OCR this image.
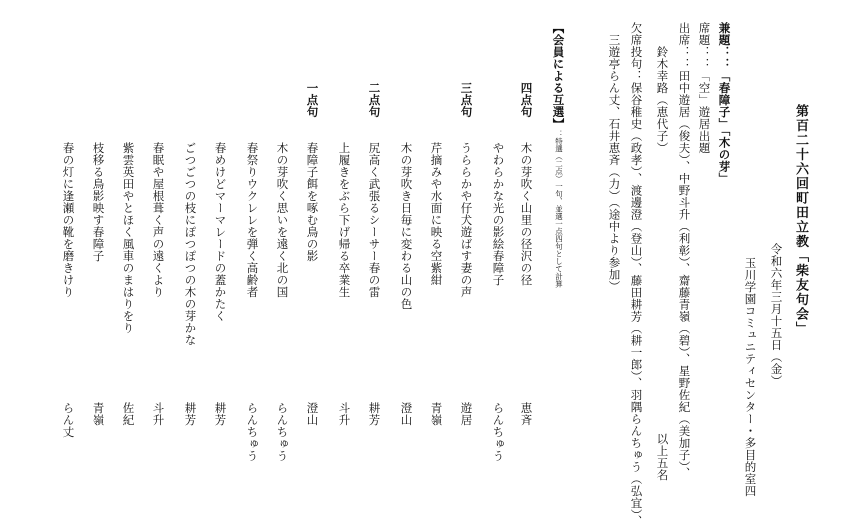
第百二十六回町田立教「柴友句会」
令和六年三月十五日（金）
玉川学園コミュニティセンター・多目的室四
兼題：：「春障子」「木の芽」
席題：：「空」遊居出題
出席：：田中遊居（俊夫）、中野斗升（利彰）、齋藤青嶺（碧）、星野佐紀（美加子）、
鈴木幸路（恵代子）
以上五名
欠席投句：保谷稚史（政孝）、渡邊澄（登山）、藤田耕芳（耕一郎）、羽隅らんちゅう（弘宜）、
三遊亭らん丈、石井恵斉（力）（途中より参加）
【会員による互選】：特選（二点）一句、並選一点四句として計算
四点句
木の芽吹く山里の径沢の径
恵斉
やわらかな光の影絵春障子
らんちゅう
三点句
うららかや仔犬遊ばす妻の声
遊居
芹摘みや水面に映る空紫紺
青嶺
木の芽吹き日毎に変わる山の色
澄山
二点句
尻高く武張るシーサー春の雷
耕芳
上履きをぶら下げ帰る卒業生
斗升
一点句
春障子餌を啄む鳥の影
澄山
木の芽吹く思いを遠く北の国
らんちゅう
春祭りウクレレを弾く高齢者
らんちゅう
春めけどマーマレードの蓋かたく
耕芳
ごつごつの枝にぽつぽつの木の芽かな
耕芳
春眠や屋根葺く声の遠くより
斗升
紫雲英田やとほく風車のまはりをり
佐紀
枝移る鳥影映す春障子
青嶺
春の灯に逢瀬の靴を磨きけり
らん丈
